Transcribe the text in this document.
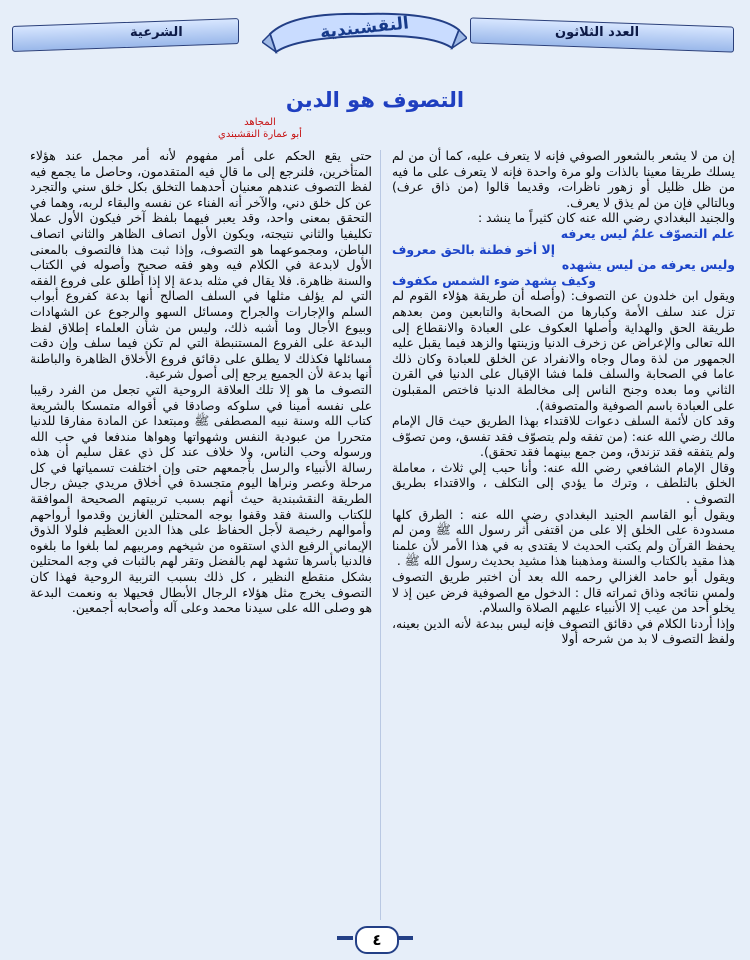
الشرعية	العدد الثلاثون
النقشبندية
التصوف هو الدين
المجاهد
أبو عمارة النقشبندي

إن من لا يشعر بالشعور الصوفي فإنه لا يتعرف عليه، كما أن من لم يسلك طريقا معينا بالذات ولو مرة واحدة فإنه لا يتعرف على ما فيه من ظل ظليل أو زهور ناظرات، وقديما قالوا (من ذاق عرف) وبالتالي فإن من لم يذق لا يعرف.

والجنيد البغدادي رضي الله عنه كان كثيراً ما ينشد :

علم التصوّف علمٌ ليس يعرفه

إلا أخو فطنة بالحق معروف

وليس يعرفه من ليس يشهده

وكيف يشهد ضوء الشمس مكفوف

ويقول ابن خلدون عن التصوف: (وأصله أن طريقة هؤلاء القوم لم تزل عند سلف الأمة وكبارها من الصحابة والتابعين ومن بعدهم طريقة الحق والهداية وأصلها العكوف على العبادة والانقطاع إلى الله تعالى والإعراض عن زخرف الدنيا وزينتها والزهد فيما يقبل عليه الجمهور من لذة ومال وجاه والانفراد عن الخلق للعبادة وكان ذلك عاما في الصحابة والسلف فلما فشا الإقبال على الدنيا في القرن الثاني وما بعده وجنح الناس إلى مخالطة الدنيا فاختص المقبلون على العبادة باسم الصوفية والمتصوفة).

وقد كان لأئمة السلف دعوات للاقتداء بهذا الطريق حيث قال الإمام مالك رضي الله عنه: (من تفقه ولم يتصوّف فقد تفسق، ومن تصوّف ولم يتفقه فقد تزندق، ومن جمع بينهما فقد تحقق).

وقال الإمام الشافعي رضي الله عنه: وأنا حبب إلي ثلاث ، معاملة الخلق بالتلطف ، وترك ما يؤدي إلى التكلف ، والاقتداء بطريق التصوف .

ويقول أبو القاسم الجنيد البغدادي رضي الله عنه : الطرق كلها مسدودة على الخلق إلا على من اقتفى أثر رسول الله ﷺ ومن لم يحفظ القرآن ولم يكتب الحديث لا يقتدى به في هذا الأمر لأن علمنا هذا مقيد بالكتاب والسنة ومذهبنا هذا مشيد بحديث رسول الله ﷺ .

ويقول أبو حامد الغزالي رحمه الله بعد أن اختبر طريق التصوف ولمس نتائجه وذاق ثمراته قال : الدخول مع الصوفية فرض عين إذ لا يخلو أحد من عيب إلا الأنبياء عليهم الصلاة والسلام.

وإذا أردنا الكلام في دقائق التصوف فإنه ليس ببدعة لأنه الدين بعينه، ولفظ التصوف لا بد من شرحه أولا

حتى يقع الحكم على أمر مفهوم لأنه أمر مجمل عند هؤلاء المتأخرين، فلنرجع إلى ما قال فيه المتقدمون، وحاصل ما يجمع فيه لفظ التصوف عندهم معنيان أحدهما التخلق بكل خلق سني والتجرد عن كل خلق دني، والآخر أنه الفناء عن نفسه والبقاء لربه، وهما في التحقق بمعنى واحد، وقد يعبر فيهما بلفظ آخر فيكون الأول عملا تكليفيا والثاني نتيجته، ويكون الأول اتصاف الظاهر والثاني اتصاف الباطن، ومجموعهما هو التصوف، وإذا ثبت هذا فالتصوف بالمعنى الأول لابدعة في الكلام فيه وهو فقه صحيح وأصوله في الكتاب والسنة ظاهرة. فلا يقال في مثله بدعة إلا إذا أطلق على فروع الفقه التي لم يؤلف مثلها في السلف الصالح أنها بدعة كفروع أبواب السلم والإجارات والجراح ومسائل السهو والرجوع عن الشهادات وبيوع الأجال وما أشبه ذلك، وليس من شأن العلماء إطلاق لفظ البدعة على الفروع المستنبطة التي لم تكن فيما سلف وإن دقت مسائلها فكذلك لا يطلق على دقائق فروع الأخلاق الظاهرة والباطنة أنها بدعة لأن الجميع يرجع إلى أصول شرعية.

التصوف ما هو إلا تلك العلاقة الروحية التي تجعل من الفرد رقيبا على نفسه أمينا في سلوكه وصادقا في أقواله متمسكا بالشريعة كتاب الله وسنة نبيه المصطفى ﷺ ومبتعدا عن المادة مفارقا للدنيا متحررا من عبودية النفس وشهواتها وهواها مندفعا في حب الله ورسوله وحب الناس، ولا خلاف عند كل ذي عقل سليم أن هذه رسالة الأنبياء والرسل بأجمعهم حتى وإن اختلفت تسمياتها في كل مرحلة وعصر ونراها اليوم متجسدة في أخلاق مريدي جيش رجال الطريقة النقشبندية حيث أنهم بسبب تربيتهم الصحيحة الموافقة للكتاب والسنة فقد وقفوا بوجه المحتلين الغازين وقدموا أرواحهم وأموالهم رخيصة لأجل الحفاظ على هذا الدين العظيم فلولا الذوق الإيماني الرفيع الذي استقوه من شيخهم ومربيهم لما بلغوا ما بلغوه فالدنيا بأسرها تشهد لهم بالفضل وتقر لهم بالثبات في وجه المحتلين بشكل منقطع النظير ، كل ذلك بسبب التربية الروحية فهذا كان التصوف يخرج مثل هؤلاء الرجال الأبطال فحيهلا به ونعمت البدعة هو وصلى الله على سيدنا محمد وعلى آله وأصحابه أجمعين.

٤
